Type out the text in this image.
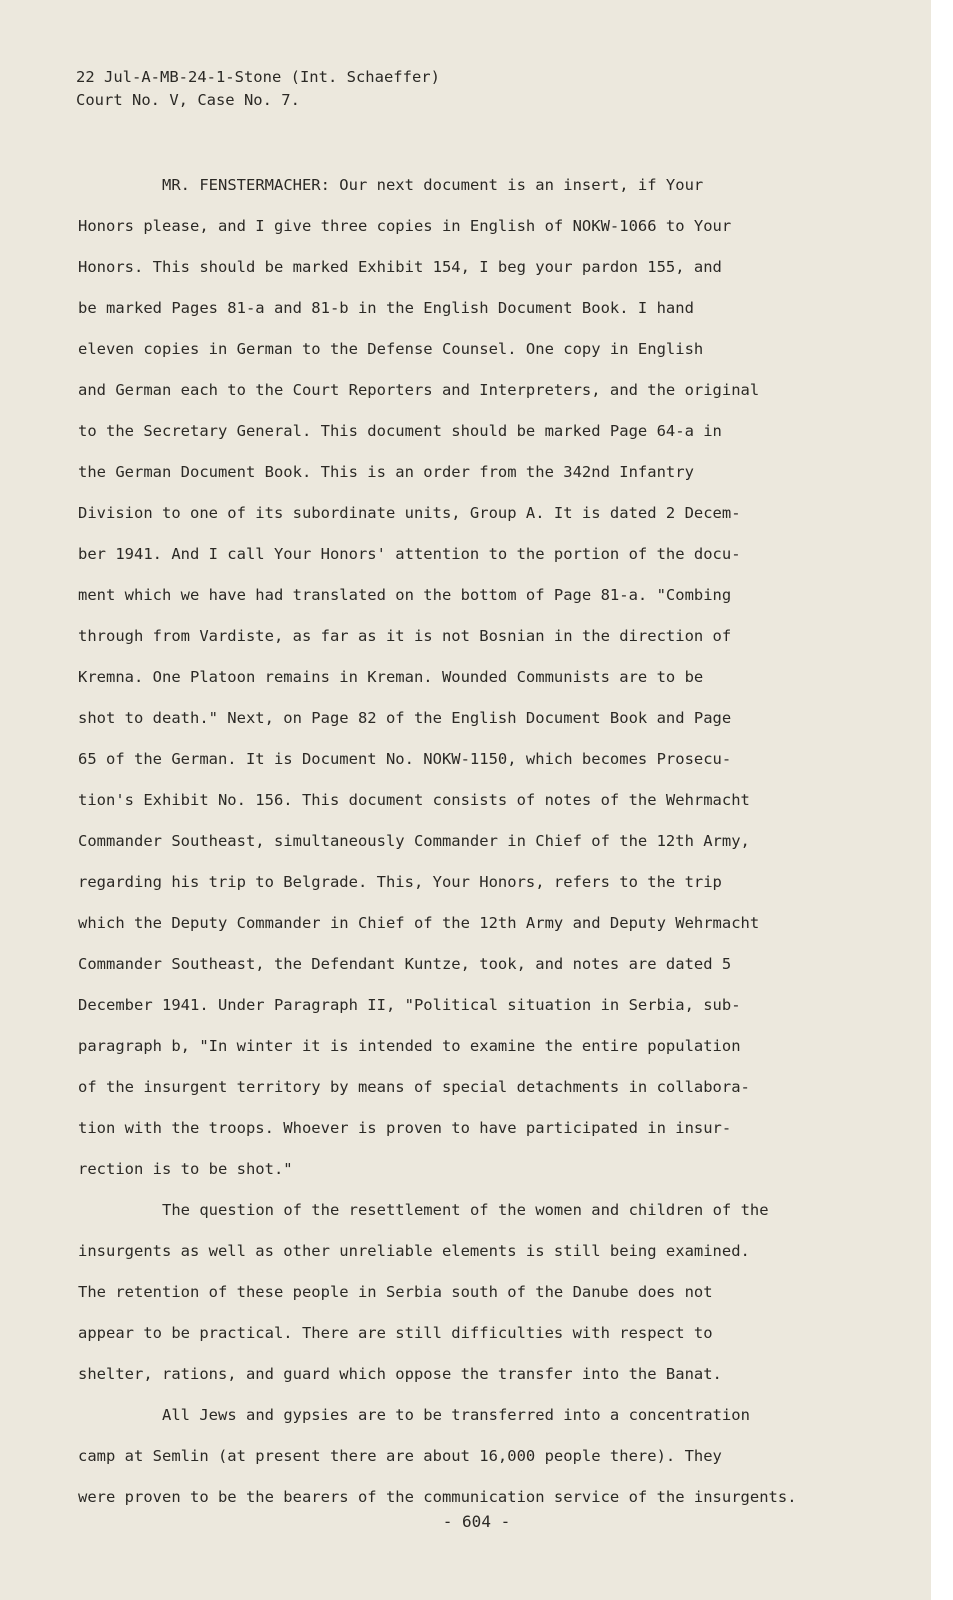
22 Jul-A-MB-24-1-Stone (Int. Schaeffer)
Court No. V, Case No. 7.
MR. FENSTERMACHER: Our next document is an insert, if Your
Honors please, and I give three copies in English of NOKW-1066 to Your
Honors. This should be marked Exhibit 154, I beg your pardon 155, and
be marked Pages 81-a and 81-b in the English Document Book. I hand
eleven copies in German to the Defense Counsel. One copy in English
and German each to the Court Reporters and Interpreters, and the original
to the Secretary General. This document should be marked Page 64-a in
the German Document Book. This is an order from the 342nd Infantry
Division to one of its subordinate units, Group A. It is dated 2 Decem-
ber 1941. And I call Your Honors' attention to the portion of the docu-
ment which we have had translated on the bottom of Page 81-a. "Combing
through from Vardiste, as far as it is not Bosnian in the direction of
Kremna. One Platoon remains in Kreman. Wounded Communists are to be
shot to death." Next, on Page 82 of the English Document Book and Page
65 of the German. It is Document No. NOKW-1150, which becomes Prosecu-
tion's Exhibit No. 156. This document consists of notes of the Wehrmacht
Commander Southeast, simultaneously Commander in Chief of the 12th Army,
regarding his trip to Belgrade. This, Your Honors, refers to the trip
which the Deputy Commander in Chief of the 12th Army and Deputy Wehrmacht
Commander Southeast, the Defendant Kuntze, took, and notes are dated 5
December 1941. Under Paragraph II, "Political situation in Serbia, sub-
paragraph b, "In winter it is intended to examine the entire population
of the insurgent territory by means of special detachments in collabora-
tion with the troops. Whoever is proven to have participated in insur-
rection is to be shot."
The question of the resettlement of the women and children of the
insurgents as well as other unreliable elements is still being examined.
The retention of these people in Serbia south of the Danube does not
appear to be practical. There are still difficulties with respect to
shelter, rations, and guard which oppose the transfer into the Banat.
All Jews and gypsies are to be transferred into a concentration
camp at Semlin (at present there are about 16,000 people there). They
were proven to be the bearers of the communication service of the insurgents.
- 604 -
